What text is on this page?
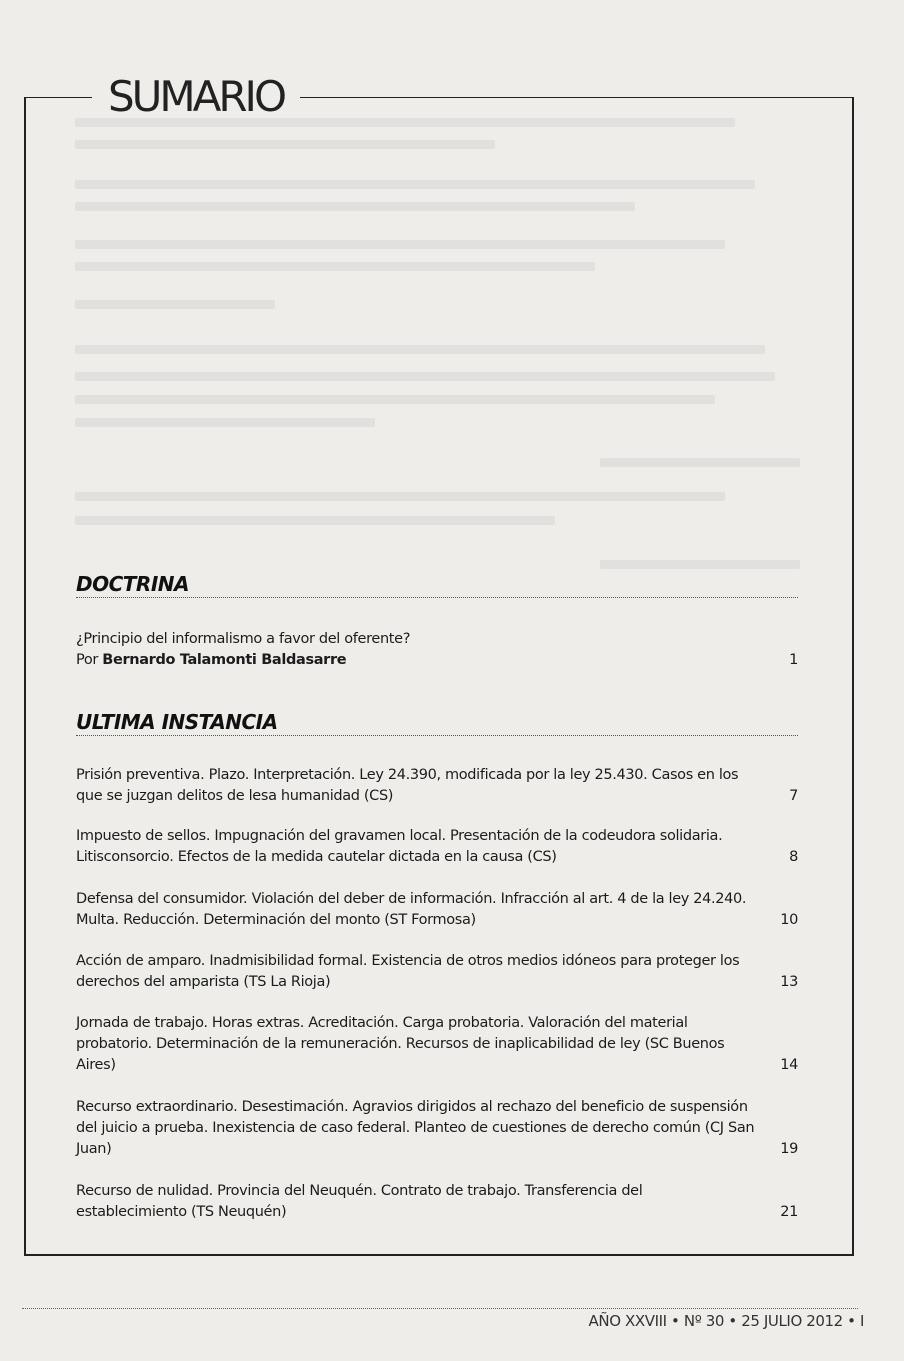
SUMARIO
DOCTRINA
¿Principio del informalismo a favor del oferente?
Por Bernardo Talamonti Baldasarre	1
ULTIMA INSTANCIA
Prisión preventiva. Plazo. Interpretación. Ley 24.390, modificada por la ley 25.430. Casos en los que se juzgan delitos de lesa humanidad (CS)	7
Impuesto de sellos. Impugnación del gravamen local. Presentación de la codeudora solidaria. Litisconsorcio. Efectos de la medida cautelar dictada en la causa (CS)	8
Defensa del consumidor. Violación del deber de información. Infracción al art. 4 de la ley 24.240. Multa. Reducción. Determinación del monto (ST Formosa)	10
Acción de amparo. Inadmisibilidad formal. Existencia de otros medios idóneos para proteger los derechos del amparista (TS La Rioja)	13
Jornada de trabajo. Horas extras. Acreditación. Carga probatoria. Valoración del material probatorio. Determinación de la remuneración. Recursos de inaplicabilidad de ley (SC Buenos Aires)	14
Recurso extraordinario. Desestimación. Agravios dirigidos al rechazo del beneficio de suspensión del juicio a prueba. Inexistencia de caso federal. Planteo de cuestiones de derecho común (CJ San Juan)	19
Recurso de nulidad. Provincia del Neuquén. Contrato de trabajo. Transferencia del establecimiento (TS Neuquén)	21
AÑO XXVIII • Nº 30 • 25 JULIO 2012 • I
